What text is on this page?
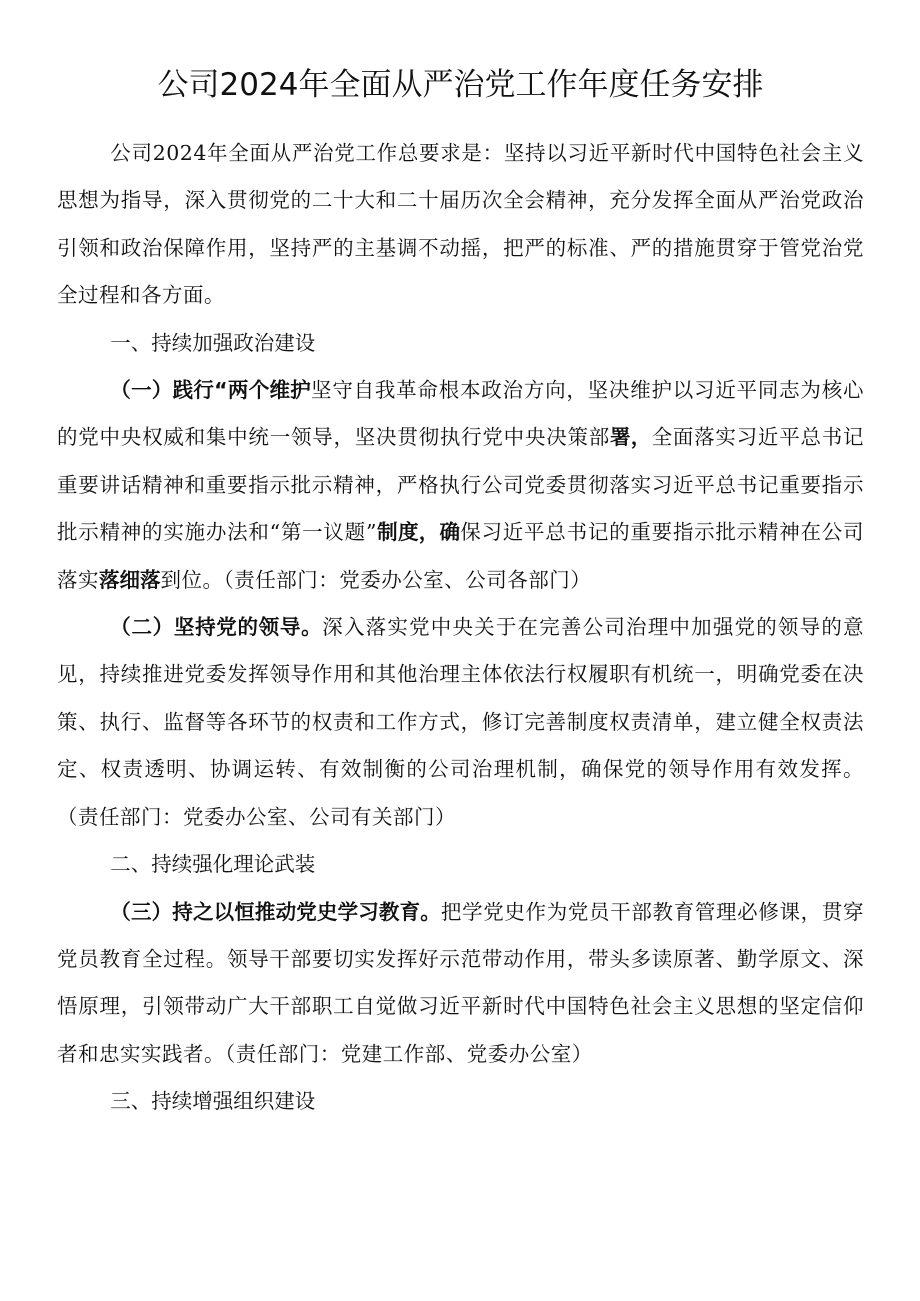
公司2024年全面从严治党工作年度任务安排

公司2024年全面从严治党工作总要求是：坚持以习近平新时代中国特色社会主义思想为指导，深入贯彻党的二十大和二十届历次全会精神，充分发挥全面从严治党政治引领和政治保障作用，坚持严的主基调不动摇，把严的标准、严的措施贯穿于管党治党全过程和各方面。

一、持续加强政治建设

（一）践行“两个维护坚守自我革命根本政治方向，坚决维护以习近平同志为核心的党中央权威和集中统一领导，坚决贯彻执行党中央决策部署，全面落实习近平总书记重要讲话精神和重要指示批示精神，严格执行公司党委贯彻落实习近平总书记重要指示批示精神的实施办法和“第一议题”制度，确保习近平总书记的重要指示批示精神在公司落实落细落到位。（责任部门：党委办公室、公司各部门）

（二）坚持党的领导。深入落实党中央关于在完善公司治理中加强党的领导的意见，持续推进党委发挥领导作用和其他治理主体依法行权履职有机统一，明确党委在决策、执行、监督等各环节的权责和工作方式，修订完善制度权责清单，建立健全权责法定、权责透明、协调运转、有效制衡的公司治理机制，确保党的领导作用有效发挥。（责任部门：党委办公室、公司有关部门）

二、持续强化理论武装

（三）持之以恒推动党史学习教育。把学党史作为党员干部教育管理必修课，贯穿党员教育全过程。领导干部要切实发挥好示范带动作用，带头多读原著、勤学原文、深悟原理，引领带动广大干部职工自觉做习近平新时代中国特色社会主义思想的坚定信仰者和忠实实践者。（责任部门：党建工作部、党委办公室）

三、持续增强组织建设
